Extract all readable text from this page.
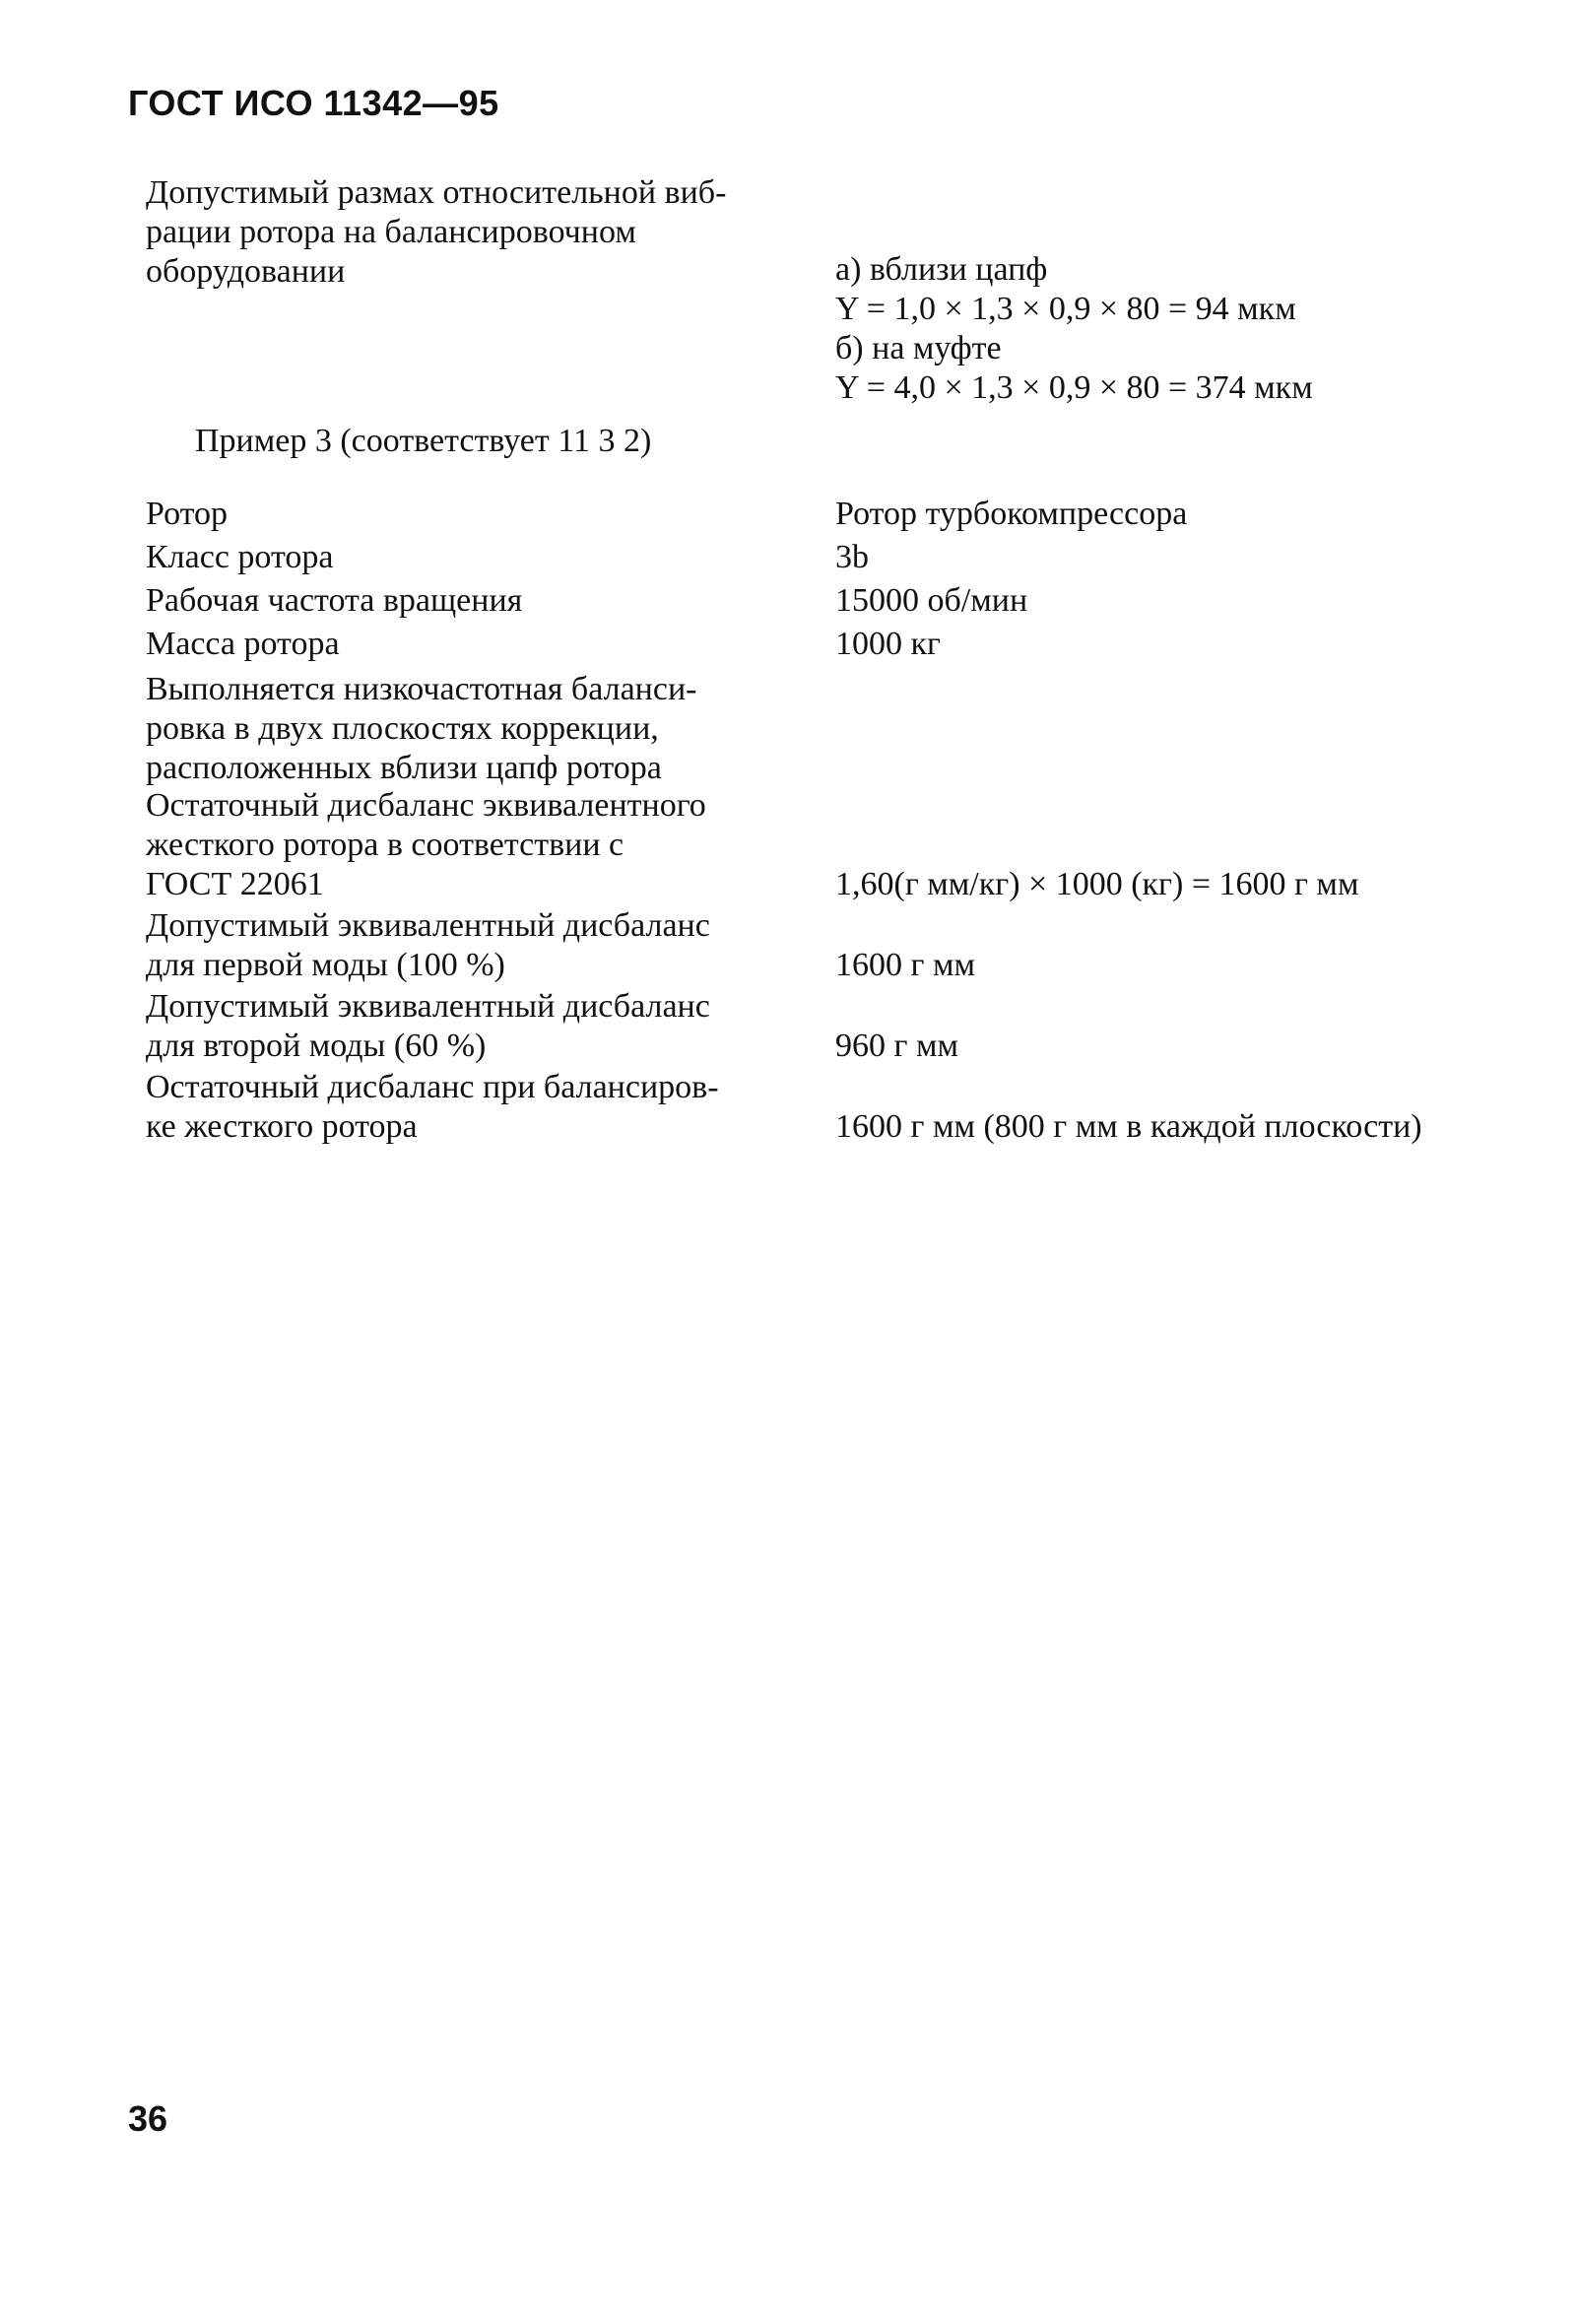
ГОСТ ИСО 11342—95
Допустимый размах относительной виб-
рации ротора на балансировочном
оборудовании	а) вблизи цапф
Y = 1,0 × 1,3 × 0,9 × 80 = 94 мкм
б) на муфте
Y = 4,0 × 1,3 × 0,9 × 80 = 374 мкм
Пример 3 (соответствует 11 3 2)
Ротор	Ротор турбокомпрессора
Класс ротора	3b
Рабочая частота вращения	15000 об/мин
Масса ротора	1000 кг
Выполняется низкочастотная баланси-
ровка в двух плоскостях коррекции,
расположенных вблизи цапф ротора
Остаточный дисбаланс эквивалентного
жесткого ротора в соответствии с
ГОСТ 22061	1,60(г мм/кг) × 1000 (кг) = 1600 г мм
Допустимый эквивалентный дисбаланс
для первой моды (100 %)	1600 г мм
Допустимый эквивалентный дисбаланс
для второй моды (60 %)	960 г мм
Остаточный дисбаланс при балансиров-
ке жесткого ротора	1600 г мм (800 г мм в каждой плоскости)
36
